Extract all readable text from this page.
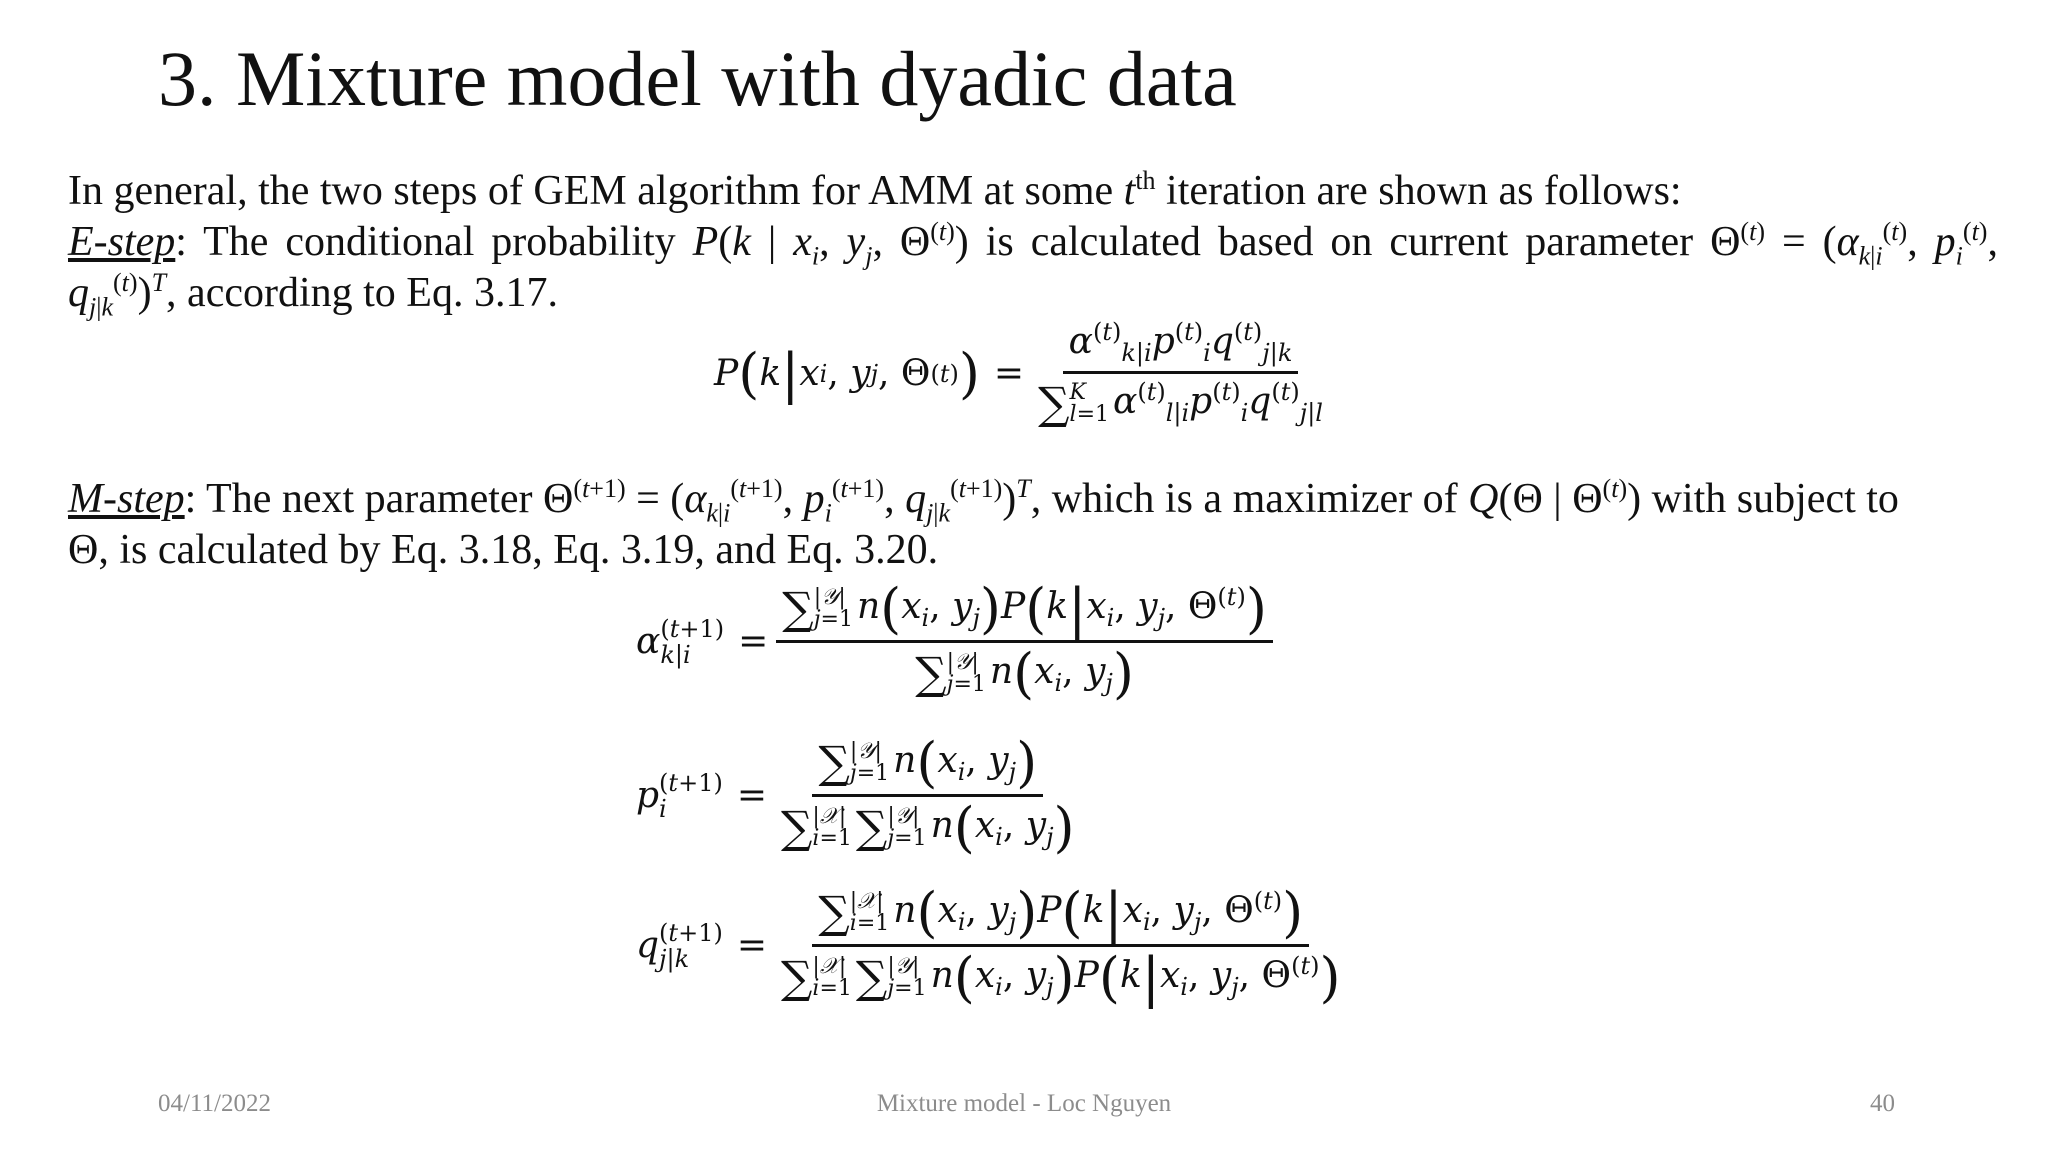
3. Mixture model with dyadic data
In general, the two steps of GEM algorithm for AMM at some $t^{th}$ iteration are shown as follows:
E-step: The conditional probability P(k | $x_i$, $y_j$, $\Theta^{(t)}$) is calculated based on current parameter $\Theta^{(t)} = (\alpha_{k|i}^{(t)}$, $p_i^{(t)}$, $q_{j|k}^{(t)})^T$, according to Eq. 3.17.
P ( k | x i , y j , Θ (t) ) = $\alpha^{(t)}_{k|i}p^{(t)}_iq^{(t)}_{j|k}$
∑ K
l=1 $\alpha^{(t)}_{l|i}p^{(t)}_iq^{(t)}_{j|l}$
M-step: The next parameter $\Theta^{(t+1)} = (\alpha_{k|i}^{(t+1)}$, $p_i^{(t+1)}$, $q_{j|k}^{(t+1)})^T$, which is a maximizer of Q(Θ | $\Theta^{(t)}$) with subject to
Θ, is calculated by Eq. 3.18, Eq. 3.19, and Eq. 3.20.
α (t+1)
k|i	= ∑ |𝒴|
j=1 $n(x_i$, $y_j)P(k|x_i$, $y_j$, $\Theta^{(t)}$)
∑ |𝒴|
j=1 $n(x_i$, $y_j$)
p (t+1)
i	= ∑ |𝒴|
j=1 $n(x_i$, $y_j$)
∑ |𝒳|
i=1 ∑ |𝒴|
j=1 $n(x_i$, $y_j$)
q (t+1)
j|k	= ∑ |𝒳|
i=1 $n(x_i$, $y_j)P(k|x_i$, $y_j$, $\Theta^{(t)}$)
∑ |𝒳|
i=1 ∑ |𝒴|
j=1 $n(x_i$, $y_j)P(k|x_i$, $y_j$, $\Theta^{(t)}$)
04/11/2022	Mixture model - Loc Nguyen	40
